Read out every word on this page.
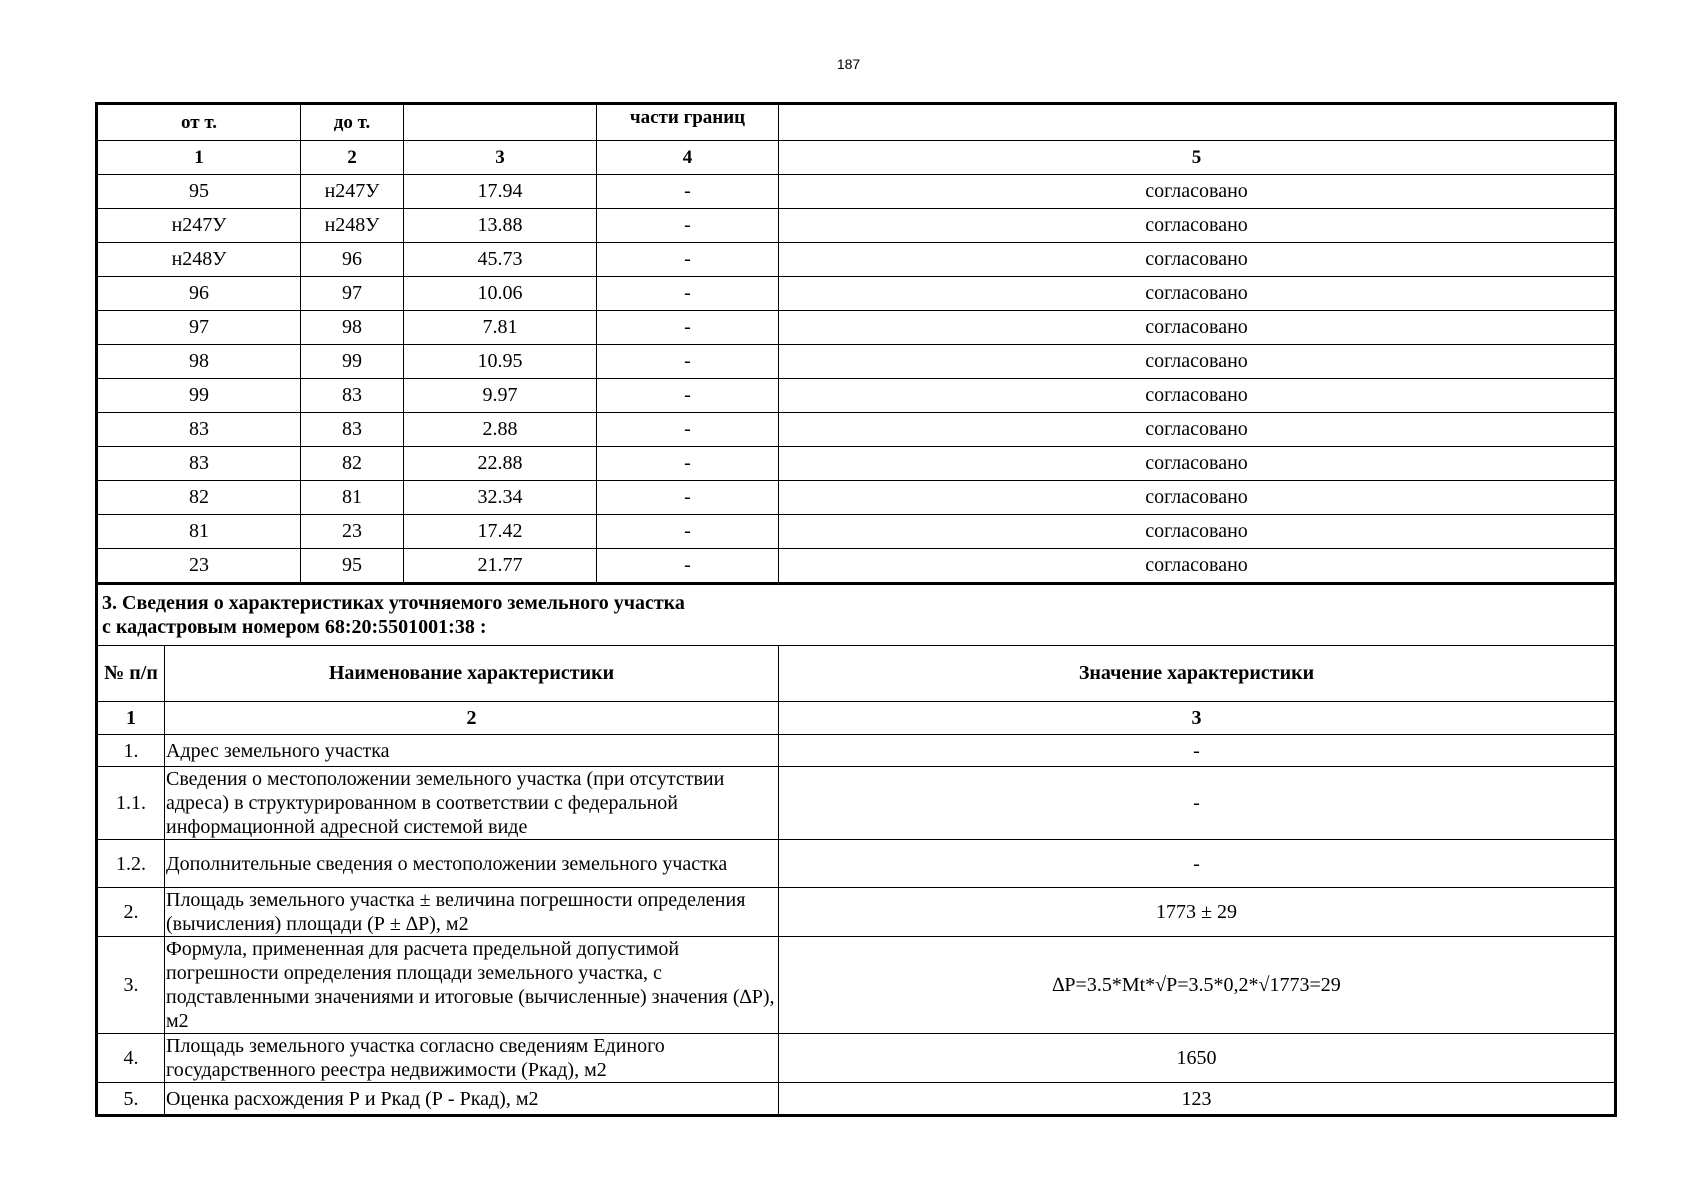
187
от т.	до т.		части границ	
1	2	3	4	5
95	н247У	17.94	-	согласовано
н247У	н248У	13.88	-	согласовано
н248У	96	45.73	-	согласовано
96	97	10.06	-	согласовано
97	98	7.81	-	согласовано
98	99	10.95	-	согласовано
99	83	9.97	-	согласовано
83	83	2.88	-	согласовано
83	82	22.88	-	согласовано
82	81	32.34	-	согласовано
81	23	17.42	-	согласовано
23	95	21.77	-	согласовано
3. Сведения о характеристиках уточняемого земельного участка
с кадастровым номером 68:20:5501001:38 :		

№ п/п	Наименование характеристики	Значение характеристики
1	2	3
1.	Адрес земельного участка	-
1.1.	Сведения о местоположении земельного участка (при отсутствии адреса) в структурированном в соответствии с федеральной информационной адресной системой виде	-
1.2.	Дополнительные сведения о местоположении земельного участка	-
2.	Площадь земельного участка ± величина погрешности определения (вычисления) площади (Р ± ∆Р), м2	1773 ± 29
3.	Формула, примененная для расчета предельной допустимой погрешности определения площади земельного участка, с подставленными значениями и итоговые (вычисленные) значения (∆Р), м2	∆Р=3.5*Mt*√P=3.5*0,2*√1773=29
4.	Площадь земельного участка согласно сведениям Единого государственного реестра недвижимости (Ркад), м2	1650
5.	Оценка расхождения Р и Ркад (Р - Ркад), м2	123
